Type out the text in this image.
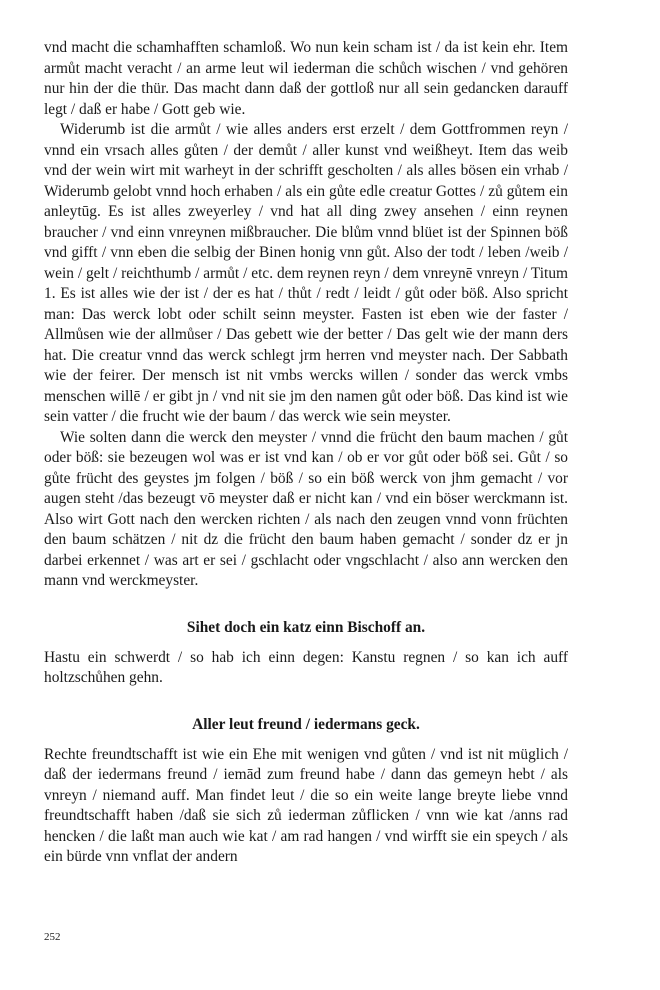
vnd macht die schamhafften schamloß. Wo nun kein scham ist / da ist kein ehr. Item armůt macht veracht / an arme leut wil iederman die schůch wischen / vnd gehören nur hin der die thür. Das macht dann daß der gottloß nur all sein gedancken darauff legt / daß er habe / Gott geb wie.

Widerumb ist die armůt / wie alles anders erst erzelt / dem Gottfrommen reyn / vnnd ein vrsach alles gůten / der demůt / aller kunst vnd weißheyt. Item das weib vnd der wein wirt mit warheyt in der schrifft gescholten / als alles bösen ein vrhab / Widerumb gelobt vnnd hoch erhaben / als ein gůte edle creatur Gottes / zů gůtem ein anleytūg. Es ist alles zweyerley / vnd hat all ding zwey ansehen / einn reynen braucher / vnd einn vnreynen mißbraucher. Die blům vnnd blüet ist der Spinnen böß vnd gifft / vnn eben die selbig der Binen honig vnn gůt. Also der todt / leben /weib / wein / gelt / reichthumb / armůt / etc. dem reynen reyn / dem vnreynē vnreyn / Titum 1. Es ist alles wie der ist / der es hat / thůt / redt / leidt / gůt oder böß. Also spricht man: Das werck lobt oder schilt seinn meyster. Fasten ist eben wie der faster / Allmůsen wie der allmůser / Das gebett wie der better / Das gelt wie der mann ders hat. Die creatur vnnd das werck schlegt jrm herren vnd meyster nach. Der Sabbath wie der feirer. Der mensch ist nit vmbs wercks willen / sonder das werck vmbs menschen willē / er gibt jn / vnd nit sie jm den namen gůt oder böß. Das kind ist wie sein vatter / die frucht wie der baum / das werck wie sein meyster.

Wie solten dann die werck den meyster / vnnd die frücht den baum machen / gůt oder böß: sie bezeugen wol was er ist vnd kan / ob er vor gůt oder böß sei. Gůt / so gůte frücht des geystes jm folgen / böß / so ein böß werck von jhm gemacht / vor augen steht /das bezeugt vō meyster daß er nicht kan / vnd ein böser werckmann ist. Also wirt Gott nach den wercken richten / als nach den zeugen vnnd vonn früchten den baum schätzen / nit dz die frücht den baum haben gemacht / sonder dz er jn darbei erkennet / was art er sei / gschlacht oder vngschlacht / also ann wercken den mann vnd werckmeyster.

Sihet doch ein katz einn Bischoff an.

Hastu ein schwerdt / so hab ich einn degen: Kanstu regnen / so kan ich auff holtzschůhen gehn.

Aller leut freund / iedermans geck.

Rechte freundtschafft ist wie ein Ehe mit wenigen vnd gůten / vnd ist nit müglich / daß der iedermans freund / iemād zum freund habe / dann das gemeyn hebt / als vnreyn / niemand auff. Man findet leut / die so ein weite lange breyte liebe vnnd freundtschafft haben /daß sie sich zů iederman zůflicken / vnn wie kat /anns rad hencken / die laßt man auch wie kat / am rad hangen / vnd wirfft sie ein speych / als ein bürde vnn vnflat der andern

252
